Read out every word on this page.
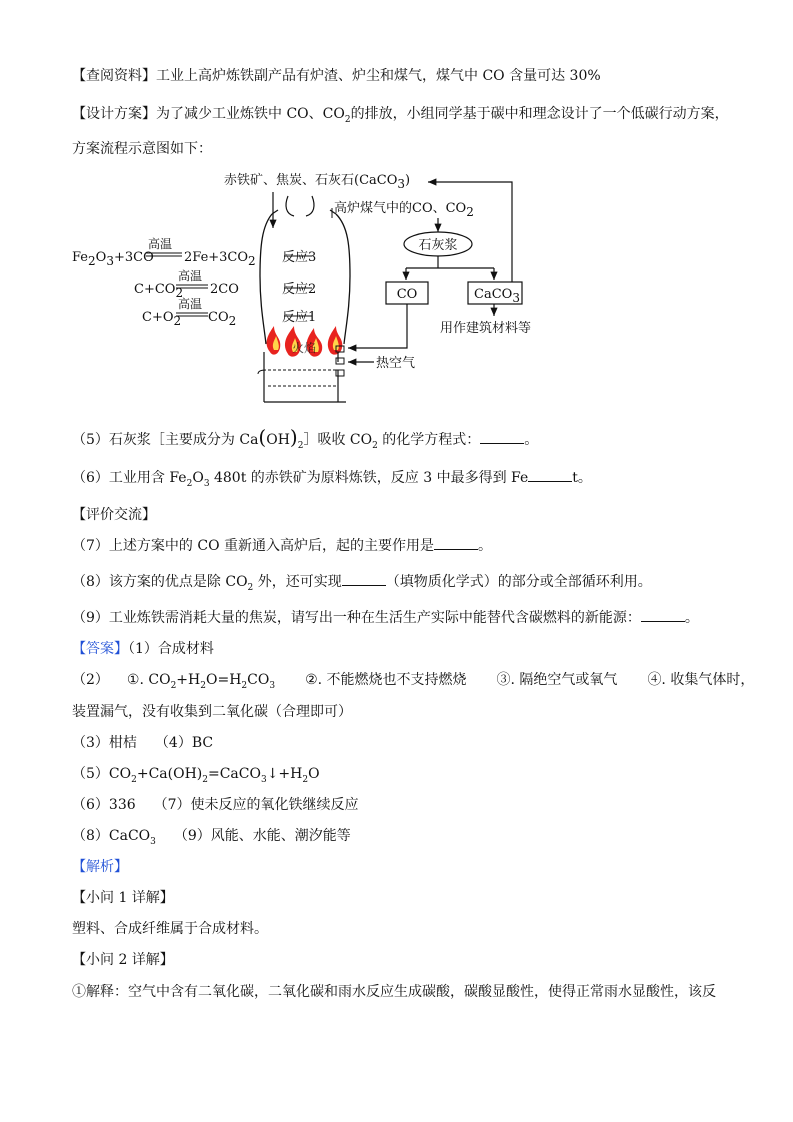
【查阅资料】工业上高炉炼铁副产品有炉渣、炉尘和煤气，煤气中 CO 含量可达 30%
【设计方案】为了减少工业炼铁中 CO、$CO_2$的排放，小组同学基于碳中和理念设计了一个低碳行动方案，
方案流程示意图如下：
赤铁矿、焦炭、石灰石(CaCO3)
高炉煤气中的CO、CO2
反应3
反应2
反应1
Fe2O3+3CO
高温
2Fe+3CO2
C+CO2
高温
2CO
C+O2
高温
CO2
火焰
热空气
石灰浆
CO	CaCO3
用作建筑材料等
（5）石灰浆［主要成分为 $Ca(OH)_2]$吸收 $CO_2$ 的化学方程式：	。
（6）工业用含 $Fe_2O_3$ 480t 的赤铁矿为原料炼铁，反应 3 中最多得到 Fe	t。
【评价交流】
（7）上述方案中的 CO 重新通入高炉后，起的主要作用是	。
（8）该方案的优点是除 $CO_2$ 外，还可实现	（填物质化学式）的部分或全部循环利用。
（9）工业炼铁需消耗大量的焦炭，请写出一种在生活生产实际中能替代含碳燃料的新能源：	。
【答案】（1）合成材料
（2） ①. $CO_2+H_2O=H_2CO_3$ ②. 不能燃烧也不支持燃烧 ③. 隔绝空气或氧气 ④. 收集气体时，
装置漏气，没有收集到二氧化碳（合理即可）
（3）柑桔 （4）BC
$(5)CO_2+Ca(OH)_2=CaCO_3↓+H_2O$
（6）336 （7）使未反应的氧化铁继续反应
（8）CaCO$_3$ （9）风能、水能、潮汐能等
【解析】
【小问 1 详解】
塑料、合成纤维属于合成材料。
【小问 2 详解】
①解释：空气中含有二氧化碳，二氧化碳和雨水反应生成碳酸，碳酸显酸性，使得正常雨水显酸性，该反
